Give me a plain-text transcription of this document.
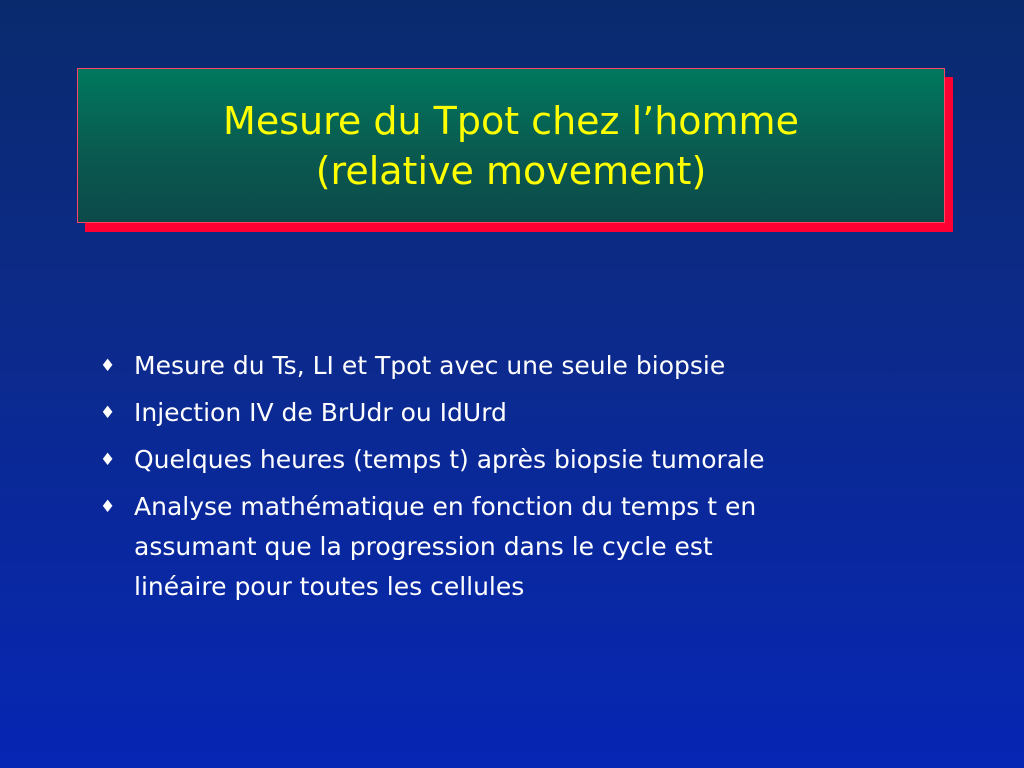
Mesure du Tpot chez l’homme
(relative movement)
♦ Mesure du Ts, LI et Tpot avec une seule biopsie
♦ Injection IV de BrUdr ou IdUrd
♦ Quelques heures (temps t) après biopsie tumorale
♦ Analyse mathématique en fonction du temps t en
assumant que la progression dans le cycle est
linéaire pour toutes les cellules
